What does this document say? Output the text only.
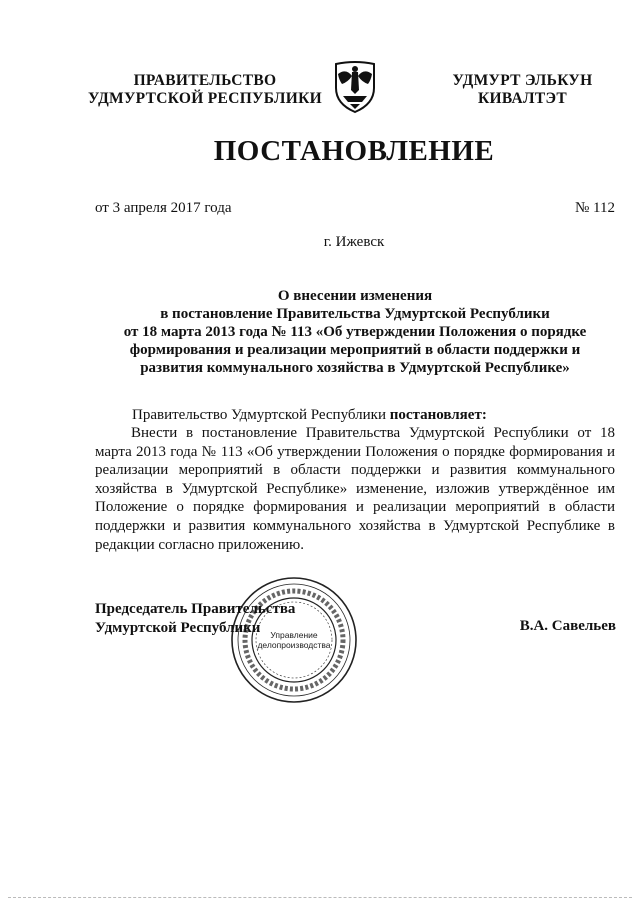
ПРАВИТЕЛЬСТВО
УДМУРТСКОЙ РЕСПУБЛИКИ
УДМУРТ ЭЛЬКУН
КИВАЛТЭТ
ПОСТАНОВЛЕНИЕ
от 3 апреля 2017 года	№ 112
г. Ижевск
О внесении изменения
в постановление Правительства Удмуртской Республики
от 18 марта 2013 года № 113 «Об утверждении Положения о порядке
формирования и реализации мероприятий в области поддержки и
развития коммунального хозяйства в Удмуртской Республике»
Правительство Удмуртской Республики постановляет:
Внести в постановление Правительства Удмуртской Республики от 18 марта 2013 года № 113 «Об утверждении Положения о порядке формирования и реализации мероприятий в области поддержки и развития коммунального хозяйства в Удмуртской Республике» изменение, изложив утверждённое им Положение о порядке формирования и реализации мероприятий в области поддержки и развития коммунального хозяйства в Удмуртской Республике в редакции согласно приложению.
Управление
делопроизводства
Председатель Правительства
Удмуртской Республики	В.А. Савельев
